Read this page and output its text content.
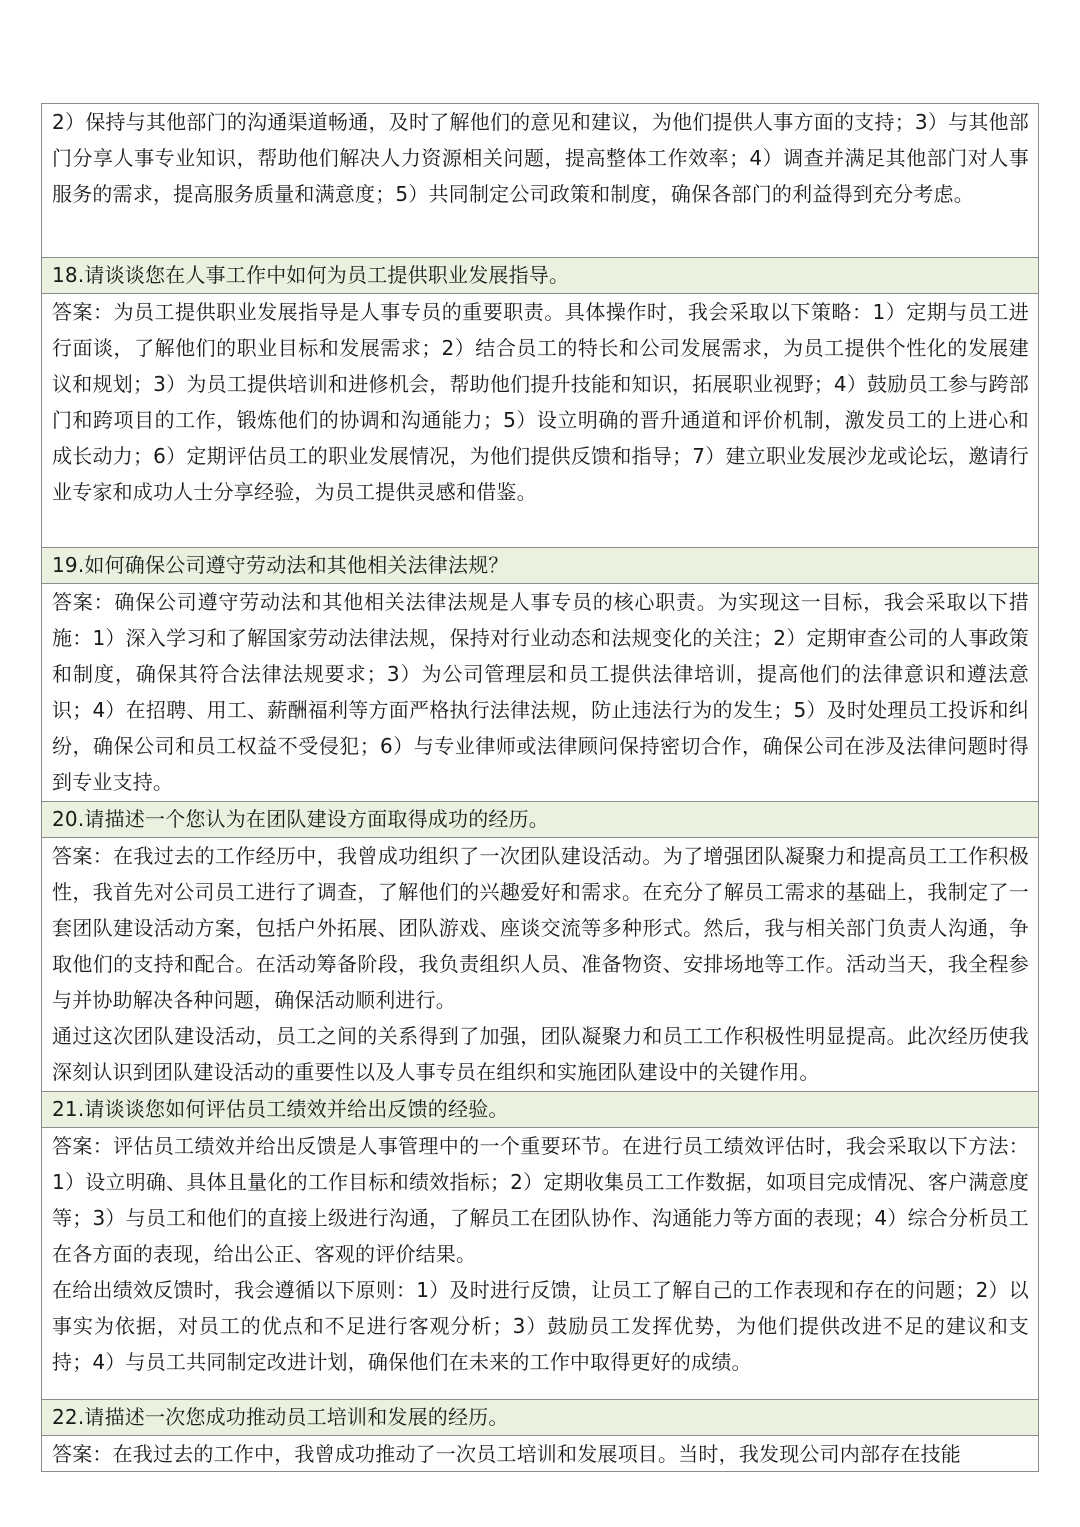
2）保持与其他部门的沟通渠道畅通，及时了解他们的意见和建议，为他们提供人事方面的支持；3）与其他部门分享人事专业知识，帮助他们解决人力资源相关问题，提高整体工作效率；4）调查并满足其他部门对人事服务的需求，提高服务质量和满意度；5）共同制定公司政策和制度，确保各部门的利益得到充分考虑。

18.请谈谈您在人事工作中如何为员工提供职业发展指导。

答案：为员工提供职业发展指导是人事专员的重要职责。具体操作时，我会采取以下策略：1）定期与员工进行面谈，了解他们的职业目标和发展需求；2）结合员工的特长和公司发展需求，为员工提供个性化的发展建议和规划；3）为员工提供培训和进修机会，帮助他们提升技能和知识，拓展职业视野；4）鼓励员工参与跨部门和跨项目的工作，锻炼他们的协调和沟通能力；5）设立明确的晋升通道和评价机制，激发员工的上进心和成长动力；6）定期评估员工的职业发展情况，为他们提供反馈和指导；7）建立职业发展沙龙或论坛，邀请行业专家和成功人士分享经验，为员工提供灵感和借鉴。

19.如何确保公司遵守劳动法和其他相关法律法规？

答案：确保公司遵守劳动法和其他相关法律法规是人事专员的核心职责。为实现这一目标，我会采取以下措施：1）深入学习和了解国家劳动法律法规，保持对行业动态和法规变化的关注；2）定期审查公司的人事政策和制度，确保其符合法律法规要求；3）为公司管理层和员工提供法律培训，提高他们的法律意识和遵法意识；4）在招聘、用工、薪酬福利等方面严格执行法律法规，防止违法行为的发生；5）及时处理员工投诉和纠纷，确保公司和员工权益不受侵犯；6）与专业律师或法律顾问保持密切合作，确保公司在涉及法律问题时得到专业支持。

20.请描述一个您认为在团队建设方面取得成功的经历。

答案：在我过去的工作经历中，我曾成功组织了一次团队建设活动。为了增强团队凝聚力和提高员工工作积极性，我首先对公司员工进行了调查，了解他们的兴趣爱好和需求。在充分了解员工需求的基础上，我制定了一套团队建设活动方案，包括户外拓展、团队游戏、座谈交流等多种形式。然后，我与相关部门负责人沟通，争取他们的支持和配合。在活动筹备阶段，我负责组织人员、准备物资、安排场地等工作。活动当天，我全程参与并协助解决各种问题，确保活动顺利进行。

通过这次团队建设活动，员工之间的关系得到了加强，团队凝聚力和员工工作积极性明显提高。此次经历使我深刻认识到团队建设活动的重要性以及人事专员在组织和实施团队建设中的关键作用。

21.请谈谈您如何评估员工绩效并给出反馈的经验。

答案：评估员工绩效并给出反馈是人事管理中的一个重要环节。在进行员工绩效评估时，我会采取以下方法：1）设立明确、具体且量化的工作目标和绩效指标；2）定期收集员工工作数据，如项目完成情况、客户满意度等；3）与员工和他们的直接上级进行沟通，了解员工在团队协作、沟通能力等方面的表现；4）综合分析员工在各方面的表现，给出公正、客观的评价结果。

在给出绩效反馈时，我会遵循以下原则：1）及时进行反馈，让员工了解自己的工作表现和存在的问题；2）以事实为依据，对员工的优点和不足进行客观分析；3）鼓励员工发挥优势，为他们提供改进不足的建议和支持；4）与员工共同制定改进计划，确保他们在未来的工作中取得更好的成绩。

22.请描述一次您成功推动员工培训和发展的经历。

答案：在我过去的工作中，我曾成功推动了一次员工培训和发展项目。当时，我发现公司内部存在技能
